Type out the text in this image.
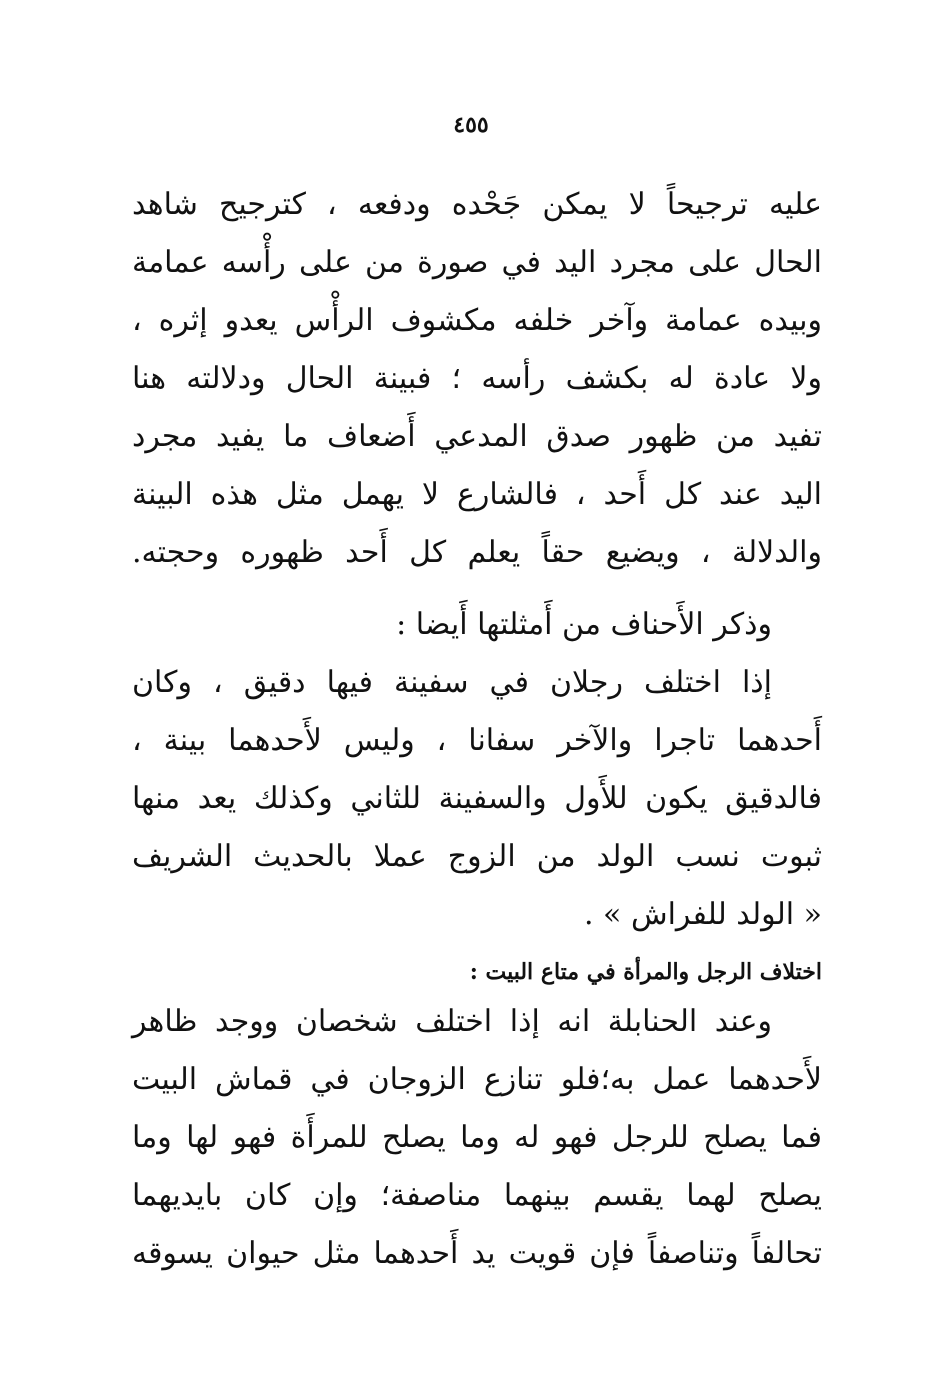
٤٥٥
عليه ترجيحاً لا يمكن جَحْده ودفعه ، كترجيح شاهد
الحال على مجرد اليد في صورة من على رأْسه عمامة
وبيده عمامة وآخر خلفه مكشوف الرأْس يعدو إثره ،
ولا عادة له بكشف رأسه ؛ فبينة الحال ودلالته هنا
تفيد من ظهور صدق المدعي أَضعاف ما يفيد مجرد
اليد عند كل أَحد ، فالشارع لا يهمل مثل هذه البينة
والدلالة ، ويضيع حقاً يعلم كل أَحد ظهوره وحجته.
وذكر الأَحناف من أَمثلتها أَيضا :
إذا اختلف رجلان في سفينة فيها دقيق ، وكان
أَحدهما تاجرا والآخر سفانا ، وليس لأَحدهما بينة ،
فالدقيق يكون للأَول والسفينة للثاني وكذلك يعد منها
ثبوت نسب الولد من الزوج عملا بالحديث الشريف
« الولد للفراش » .
اختلاف الرجل والمرأة في متاع البيت :
وعند الحنابلة انه إذا اختلف شخصان ووجد ظاهر
لأَحدهما عمل به؛فلو تنازع الزوجان في قماش البيت
فما يصلح للرجل فهو له وما يصلح للمرأَة فهو لها وما
يصلح لهما يقسم بينهما مناصفة؛ وإن كان بايديهما
تحالفاً وتناصفاً فإن قويت يد أَحدهما مثل حيوان يسوقه
